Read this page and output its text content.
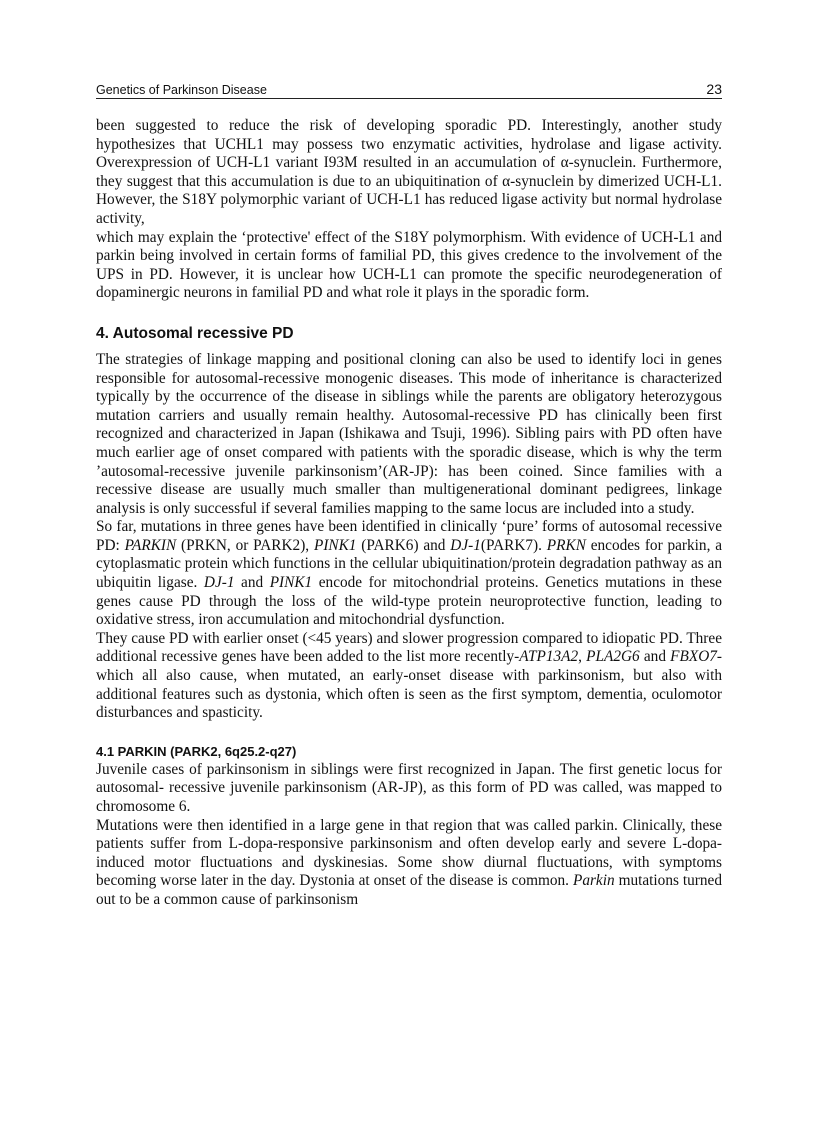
Genetics of Parkinson Disease	23

been suggested to reduce the risk of developing sporadic PD. Interestingly, another study hypothesizes that UCHL1 may possess two enzymatic activities, hydrolase and ligase activity. Overexpression of UCH-L1 variant I93M resulted in an accumulation of α-synuclein. Furthermore, they suggest that this accumulation is due to an ubiquitination of α-synuclein by dimerized UCH-L1. However, the S18Y polymorphic variant of UCH-L1 has reduced ligase activity but normal hydrolase activity,

which may explain the ‘protective' effect of the S18Y polymorphism. With evidence of UCH-L1 and parkin being involved in certain forms of familial PD, this gives credence to the involvement of the UPS in PD. However, it is unclear how UCH-L1 can promote the specific neurodegeneration of dopaminergic neurons in familial PD and what role it plays in the sporadic form.

4. Autosomal recessive PD

The strategies of linkage mapping and positional cloning can also be used to identify loci in genes responsible for autosomal-recessive monogenic diseases. This mode of inheritance is characterized typically by the occurrence of the disease in siblings while the parents are obligatory heterozygous mutation carriers and usually remain healthy. Autosomal-recessive PD has clinically been first recognized and characterized in Japan (Ishikawa and Tsuji, 1996). Sibling pairs with PD often have much earlier age of onset compared with patients with the sporadic disease, which is why the term ’autosomal-recessive juvenile parkinsonism’(AR-JP): has been coined. Since families with a recessive disease are usually much smaller than multigenerational dominant pedigrees, linkage analysis is only successful if several families mapping to the same locus are included into a study.

So far, mutations in three genes have been identified in clinically ‘pure’ forms of autosomal recessive PD: PARKIN (PRKN, or PARK2), PINK1 (PARK6) and DJ-1(PARK7). PRKN encodes for parkin, a cytoplasmatic protein which functions in the cellular ubiquitination/protein degradation pathway as an ubiquitin ligase. DJ-1 and PINK1 encode for mitochondrial proteins. Genetics mutations in these genes cause PD through the loss of the wild-type protein neuroprotective function, leading to oxidative stress, iron accumulation and mitochondrial dysfunction.

They cause PD with earlier onset (<45 years) and slower progression compared to idiopatic PD. Three additional recessive genes have been added to the list more recently-ATP13A2, PLA2G6 and FBXO7- which all also cause, when mutated, an early-onset disease with parkinsonism, but also with additional features such as dystonia, which often is seen as the first symptom, dementia, oculomotor disturbances and spasticity.

4.1 PARKIN (PARK2, 6q25.2-q27)

Juvenile cases of parkinsonism in siblings were first recognized in Japan. The first genetic locus for autosomal- recessive juvenile parkinsonism (AR-JP), as this form of PD was called, was mapped to chromosome 6.

Mutations were then identified in a large gene in that region that was called parkin. Clinically, these patients suffer from L-dopa-responsive parkinsonism and often develop early and severe L-dopa-induced motor fluctuations and dyskinesias. Some show diurnal fluctuations, with symptoms becoming worse later in the day. Dystonia at onset of the disease is common. Parkin mutations turned out to be a common cause of parkinsonism
